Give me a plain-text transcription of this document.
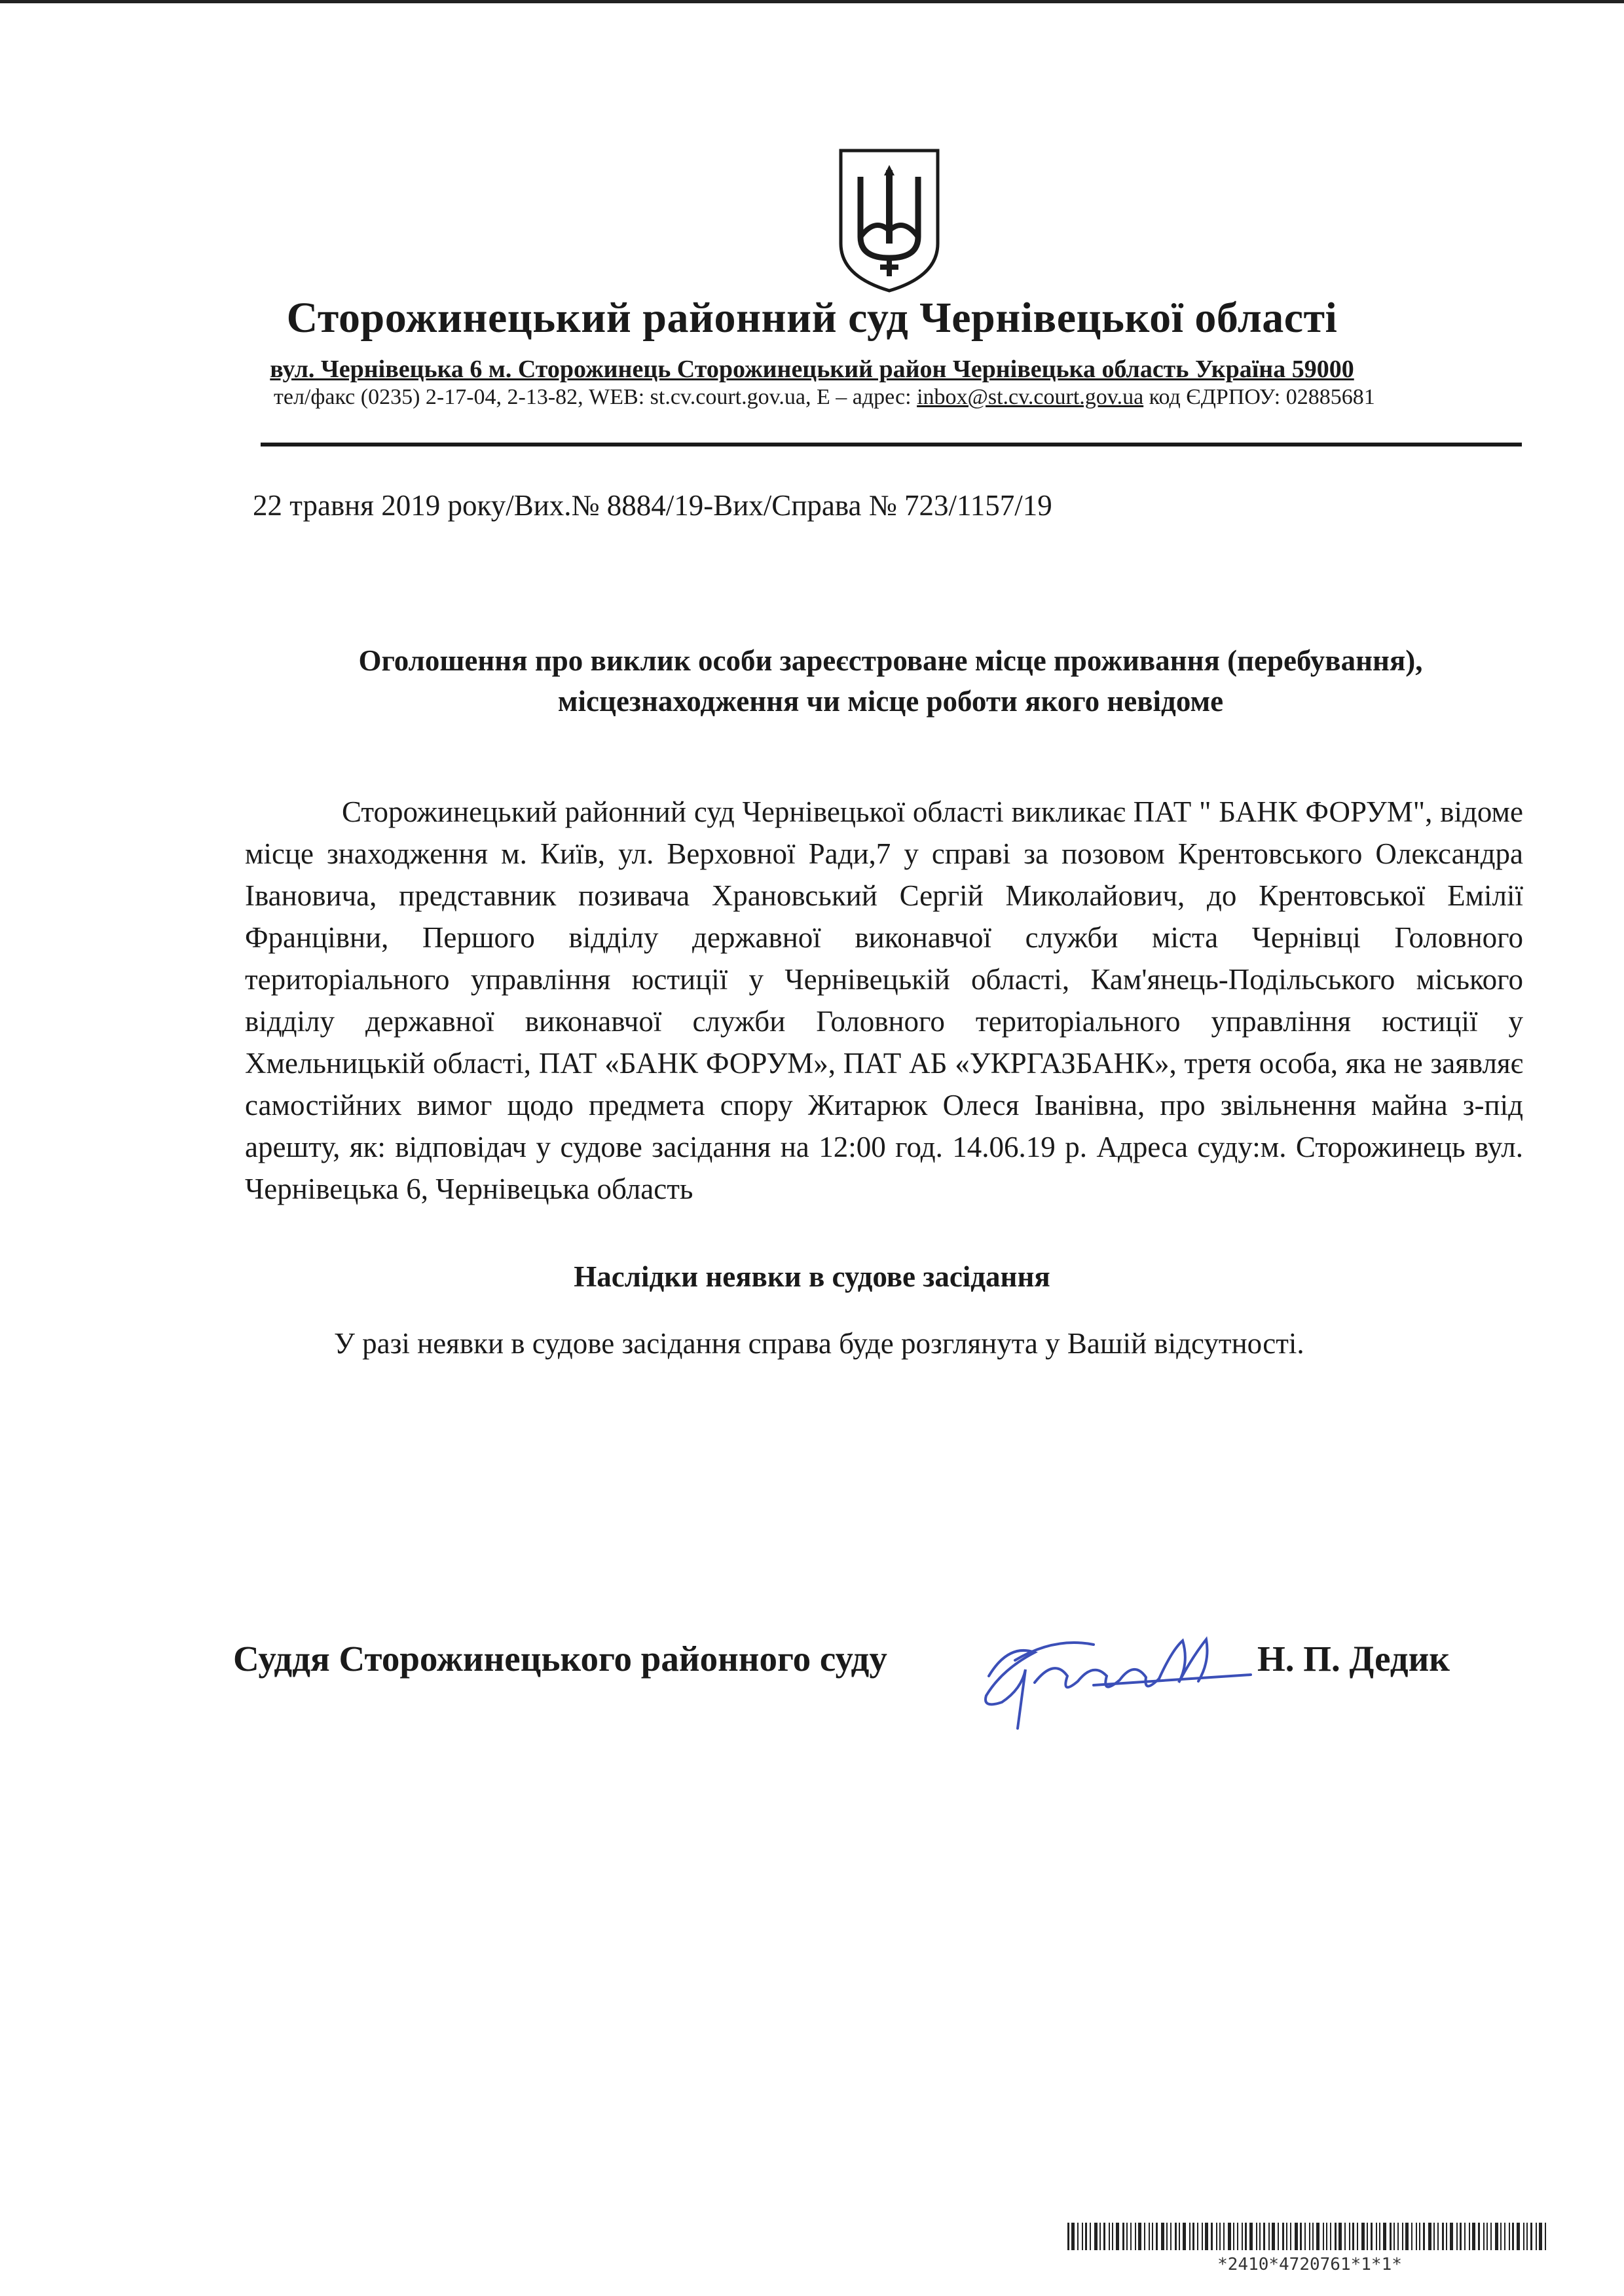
Сторожинецький районний суд Чернівецької області
вул. Чернівецька 6 м. Сторожинець Сторожинецький район Чернівецька область Україна 59000
тел/факс (0235) 2-17-04, 2-13-82, WEB: st.cv.court.gov.ua, E – адрес: inbox@st.cv.court.gov.ua код ЄДРПОУ: 02885681
22 травня 2019 року/Вих.№ 8884/19-Вих/Справа № 723/1157/19
Оголошення про виклик особи зареєстроване місце проживання (перебування),
місцезнаходження чи місце роботи якого невідоме
Сторожинецький районний суд Чернівецької області викликає ПАТ " БАНК ФОРУМ", відоме місце знаходження м. Київ, ул. Верховної Ради,7 у справі за позовом Крентовського Олександра Івановича, представник позивача Храновський Сергій Миколайович, до Крентовської Емілії Францівни, Першого відділу державної виконавчої служби міста Чернівці Головного територіального управління юстиції у Чернівецькій області, Кам'янець-Подільського міського відділу державної виконавчої служби Головного територіального управління юстиції у Хмельницькій області, ПАТ «БАНК ФОРУМ», ПАТ АБ «УКРГАЗБАНК», третя особа, яка не заявляє самостійних вимог щодо предмета спору Житарюк Олеся Іванівна, про звільнення майна з-під арешту, як: відповідач у судове засідання на 12:00 год. 14.06.19 р. Адреса суду:м. Сторожинець вул. Чернівецька 6, Чернівецька область
Наслідки неявки в судове засідання
У разі неявки в судове засідання справа буде розглянута у Вашій відсутності.
Суддя Сторожинецького районного суду	Н. П. Дедик
*2410*4720761*1*1*
